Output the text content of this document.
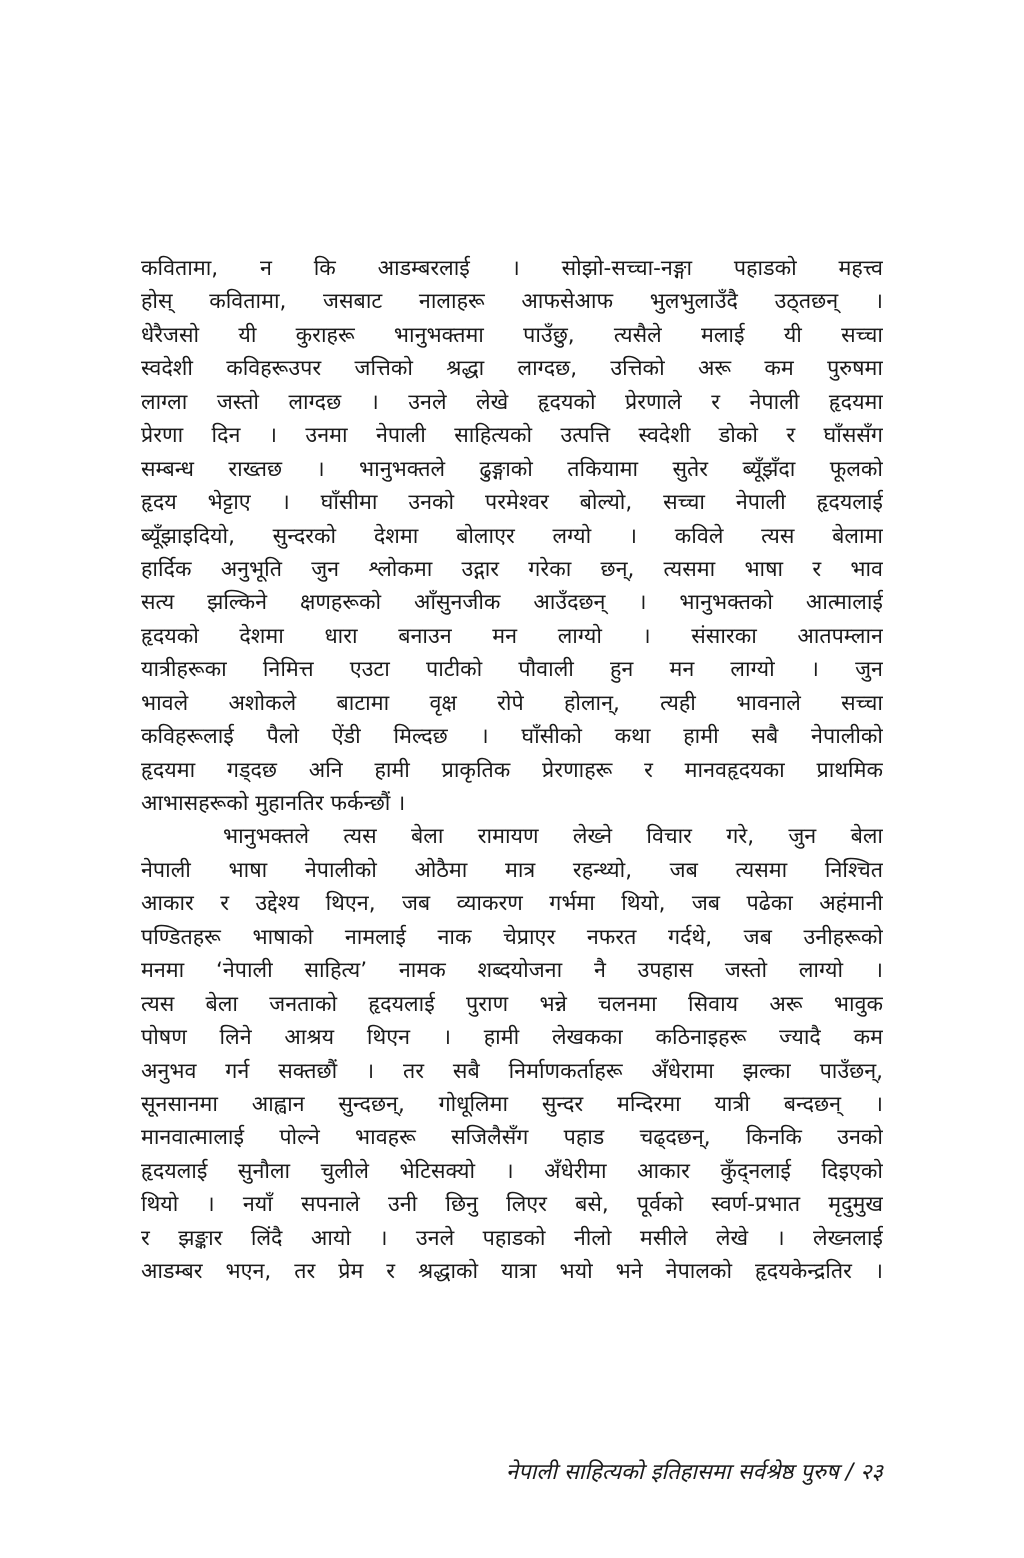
कवितामा, न कि आडम्बरलाई । सोझो-सच्चा-नङ्गा पहाडको महत्त्व
होस् कवितामा, जसबाट नालाहरू आफसेआफ भुलभुलाउँदै उठ्तछन् ।
धेरैजसो यी कुराहरू भानुभक्तमा पाउँछु, त्यसैले मलाई यी सच्चा
स्वदेशी कविहरूउपर जत्तिको श्रद्धा लाग्दछ, उत्तिको अरू कम पुरुषमा
लाग्ला जस्तो लाग्दछ । उनले लेखे हृदयको प्रेरणाले र नेपाली हृदयमा
प्रेरणा दिन । उनमा नेपाली साहित्यको उत्पत्ति स्वदेशी डोको र घाँससँग
सम्बन्ध राख्तछ । भानुभक्तले ढुङ्गाको तकियामा सुतेर ब्यूँझँदा फूलको
हृदय भेट्टाए । घाँसीमा उनको परमेश्वर बोल्यो, सच्चा नेपाली हृदयलाई
ब्यूँझाइदियो, सुन्दरको देशमा बोलाएर लग्यो । कविले त्यस बेलामा
हार्दिक अनुभूति जुन श्लोकमा उद्गार गरेका छन्, त्यसमा भाषा र भाव
सत्य झल्किने क्षणहरूको आँसुनजीक आउँदछन् । भानुभक्तको आत्मालाई
हृदयको देशमा धारा बनाउन मन लाग्यो । संसारका आतपम्लान
यात्रीहरूका निमित्त एउटा पाटीको पौवाली हुन मन लाग्यो । जुन
भावले अशोकले बाटामा वृक्ष रोपे होलान्, त्यही भावनाले सच्चा
कविहरूलाई पैलो ऐंडी मिल्दछ । घाँसीको कथा हामी सबै नेपालीको
हृदयमा गड्दछ अनि हामी प्राकृतिक प्रेरणाहरू र मानवहृदयका प्राथमिक
आभासहरूको मुहानतिर फर्कन्छौं ।
भानुभक्तले त्यस बेला रामायण लेख्ने विचार गरे, जुन बेला
नेपाली भाषा नेपालीको ओठैमा मात्र रहन्थ्यो, जब त्यसमा निश्चित
आकार र उद्देश्य थिएन, जब व्याकरण गर्भमा थियो, जब पढेका अहंमानी
पण्डितहरू भाषाको नामलाई नाक चेप्राएर नफरत गर्दथे, जब उनीहरूको
मनमा ‘नेपाली साहित्य’ नामक शब्दयोजना नै उपहास जस्तो लाग्यो ।
त्यस बेला जनताको हृदयलाई पुराण भन्ने चलनमा सिवाय अरू भावुक
पोषण लिने आश्रय थिएन । हामी लेखकका कठिनाइहरू ज्यादै कम
अनुभव गर्न सक्तछौं । तर सबै निर्माणकर्ताहरू अँधेरामा झल्का पाउँछन्,
सूनसानमा आह्वान सुन्दछन्, गोधूलिमा सुन्दर मन्दिरमा यात्री बन्दछन् ।
मानवात्मालाई पोल्ने भावहरू सजिलैसँग पहाड चढ्दछन्, किनकि उनको
हृदयलाई सुनौला चुलीले भेटिसक्यो । अँधेरीमा आकार कुँद्नलाई दिइएको
थियो । नयाँ सपनाले उनी छिनु लिएर बसे, पूर्वको स्वर्ण-प्रभात मृदुमुख
र झङ्कार लिंदै आयो । उनले पहाडको नीलो मसीले लेखे । लेख्नलाई
आडम्बर भएन, तर प्रेम र श्रद्धाको यात्रा भयो भने नेपालको हृदयकेन्द्रतिर ।
नेपाली साहित्यको इतिहासमा सर्वश्रेष्ठ पुरुष / २३
